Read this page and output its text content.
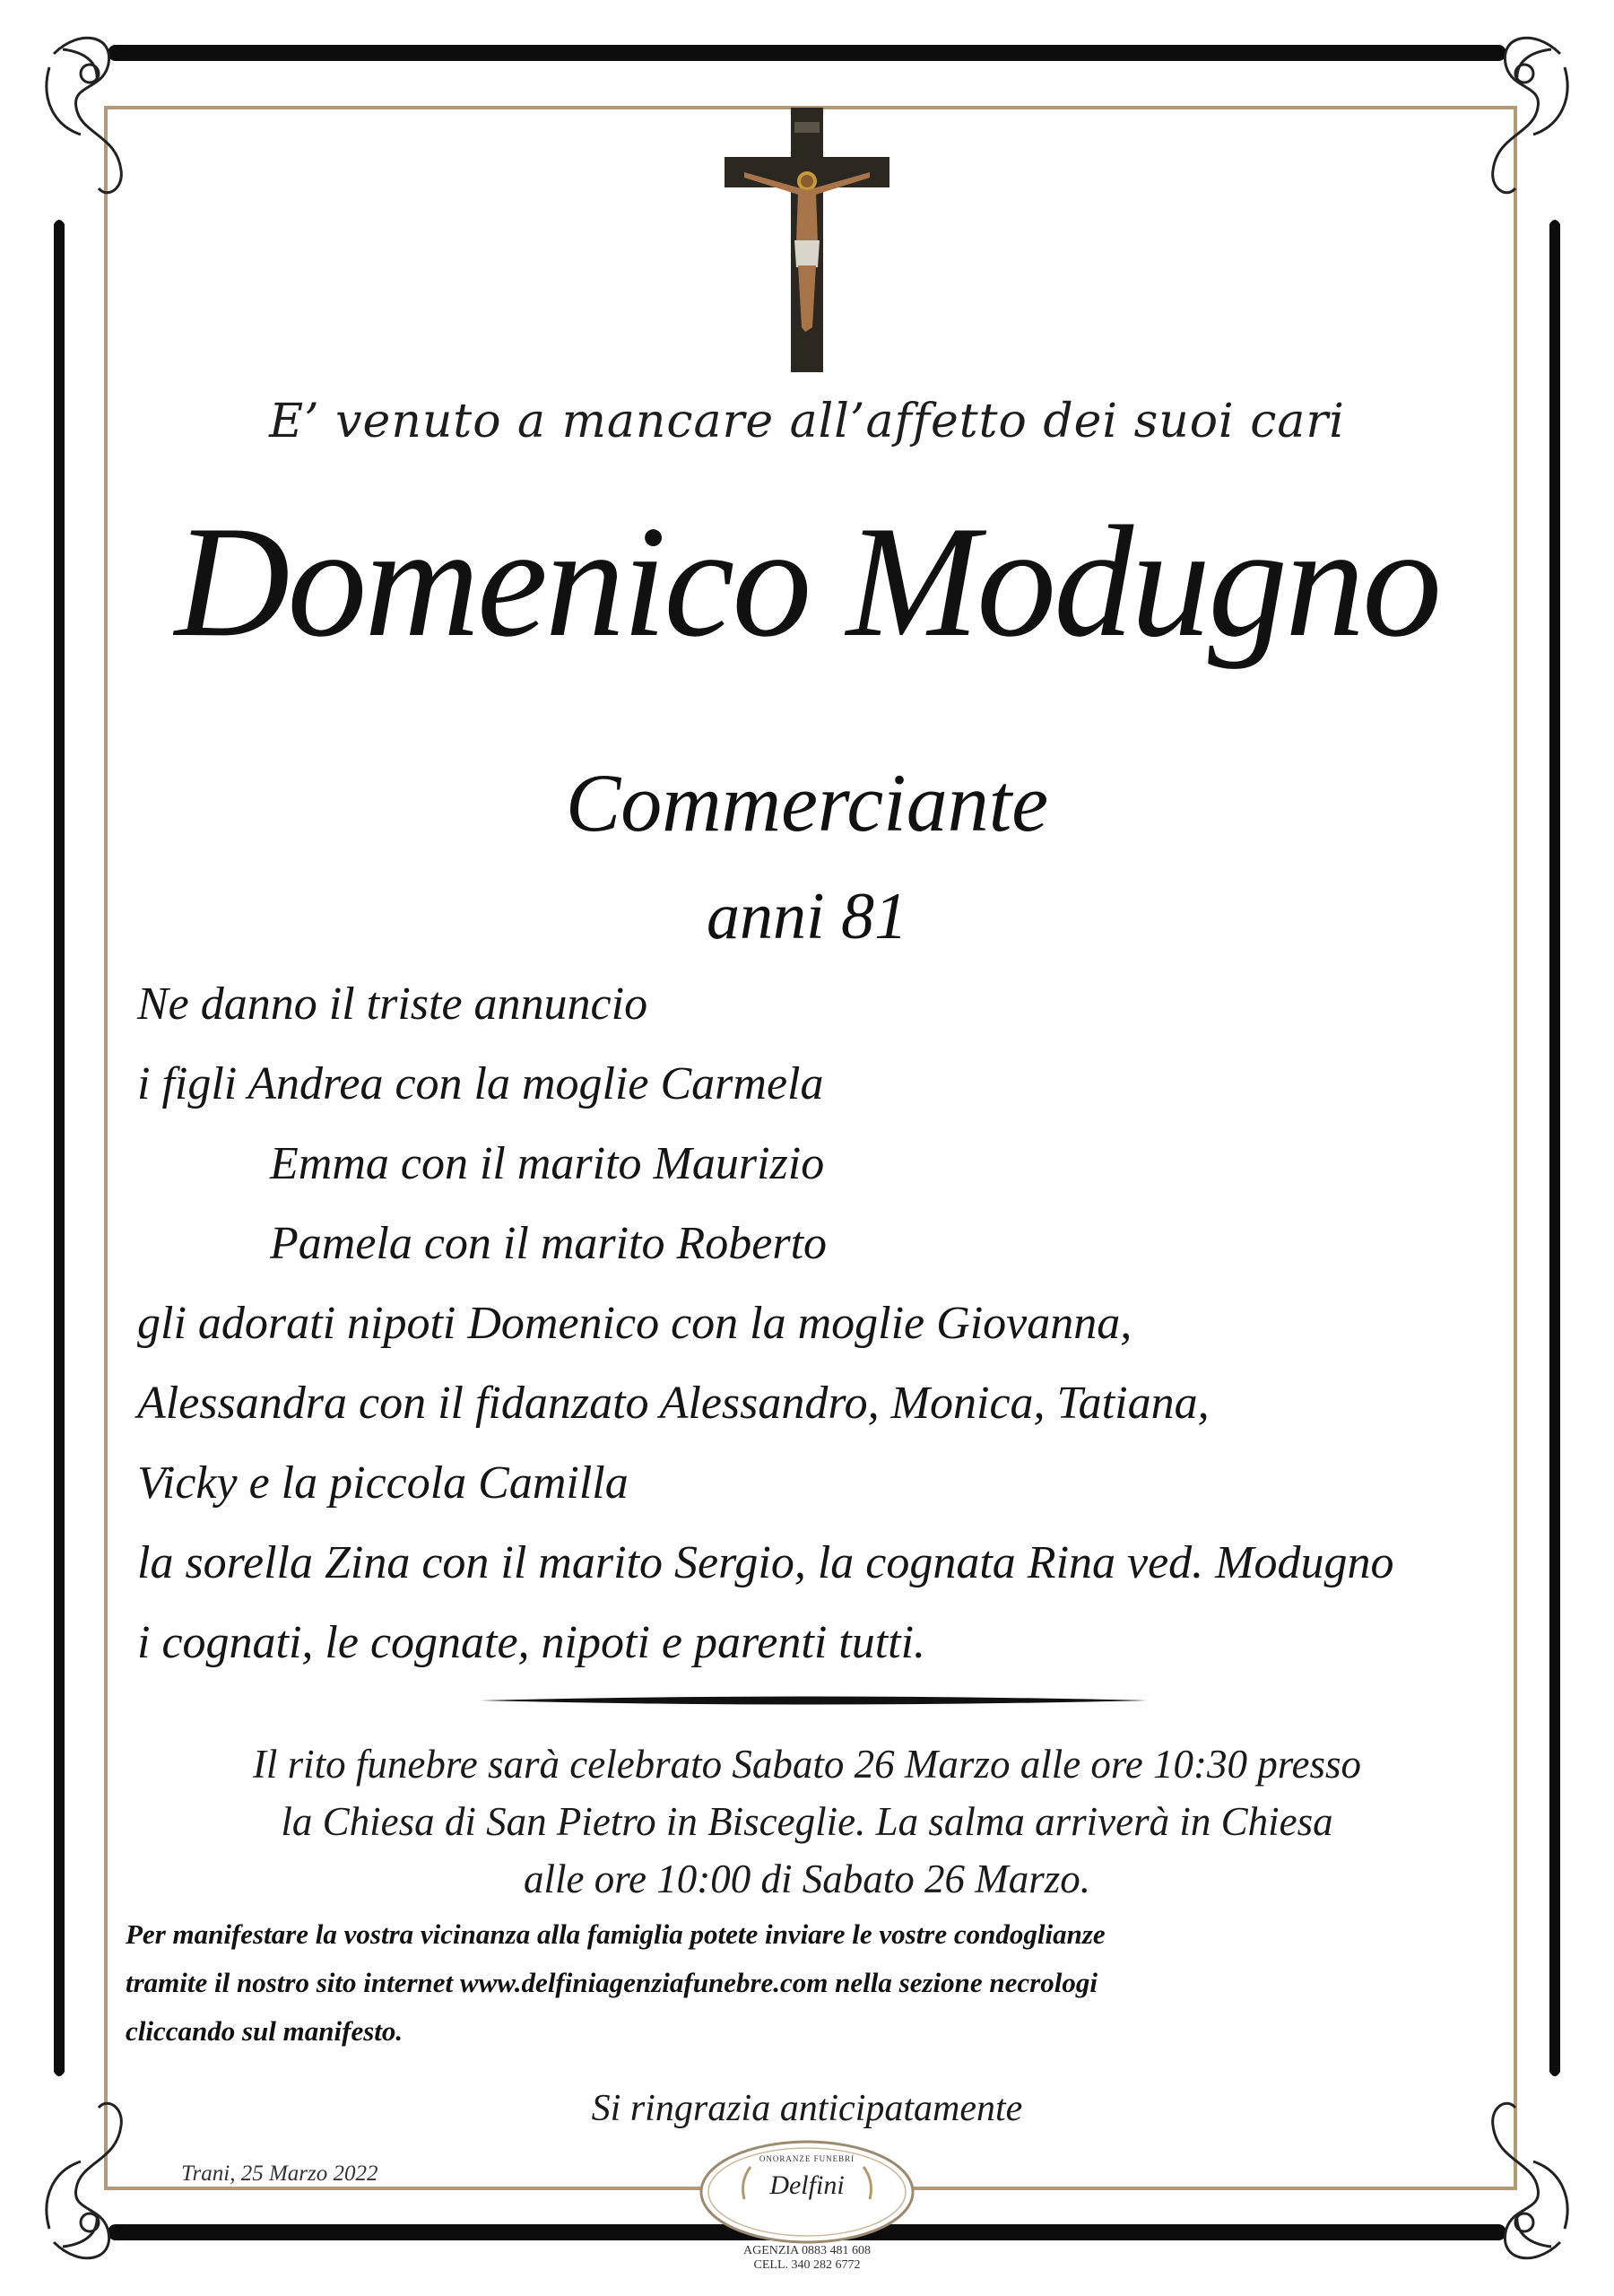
E’ venuto a mancare all’affetto dei suoi cari
Domenico Modugno
Commerciante
anni 81
Ne danno il triste annuncio
i figli Andrea con la moglie Carmela
Emma con il marito Maurizio
Pamela con il marito Roberto
gli adorati nipoti Domenico con la moglie Giovanna,
Alessandra con il fidanzato Alessandro, Monica, Tatiana,
Vicky e la piccola Camilla
la sorella Zina con il marito Sergio, la cognata Rina ved. Modugno
i cognati, le cognate, nipoti e parenti tutti.
Il rito funebre sarà celebrato Sabato 26 Marzo alle ore 10:30 presso
la Chiesa di San Pietro in Bisceglie. La salma arriverà in Chiesa
alle ore 10:00 di Sabato 26 Marzo.
Per manifestare la vostra vicinanza alla famiglia potete inviare le vostre condoglianze
tramite il nostro sito internet www.delfiniagenziafunebre.com nella sezione necrologi
cliccando sul manifesto.
Si ringrazia anticipatamente
Trani, 25 Marzo 2022
ONORANZE FUNEBRI
Delfini
AGENZIA 0883 481 608
CELL. 340 282 6772
